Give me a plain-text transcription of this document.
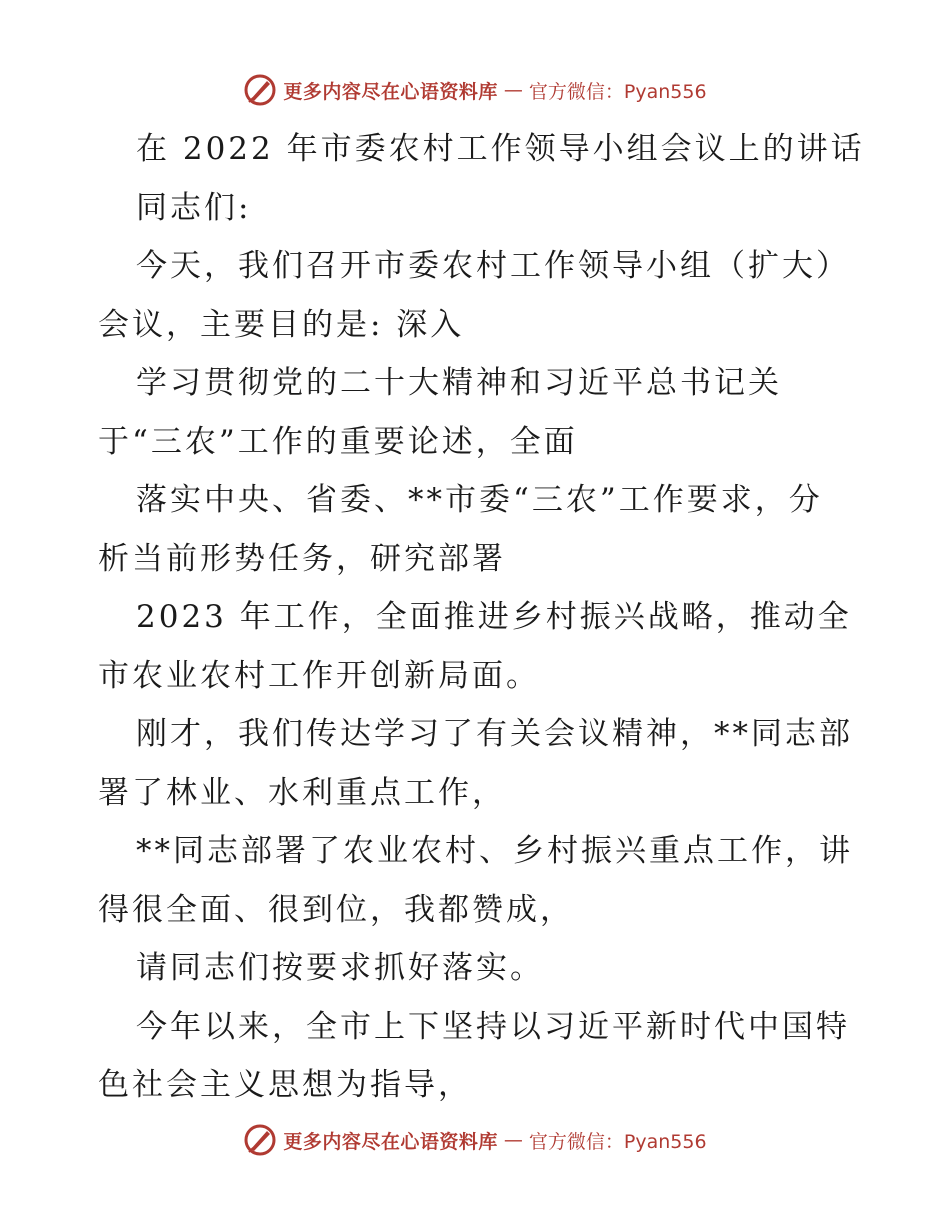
更多内容尽在心语资料库 — 官方微信：Pyan556
在 2022 年市委农村工作领导小组会议上的讲话
同志们:
今天，我们召开市委农村工作领导小组（扩大）
会议，主要目的是: 深入
学习贯彻党的二十大精神和习近平总书记关
于“三农”工作的重要论述，全面
落实中央、省委、**市委“三农”工作要求，分
析当前形势任务，研究部署
2023 年工作，全面推进乡村振兴战略，推动全
市农业农村工作开创新局面。
刚才，我们传达学习了有关会议精神，**同志部
署了林业、水利重点工作，
**同志部署了农业农村、乡村振兴重点工作，讲
得很全面、很到位，我都赞成，
请同志们按要求抓好落实。
今年以来，全市上下坚持以习近平新时代中国特
色社会主义思想为指导，
更多内容尽在心语资料库 — 官方微信：Pyan556
